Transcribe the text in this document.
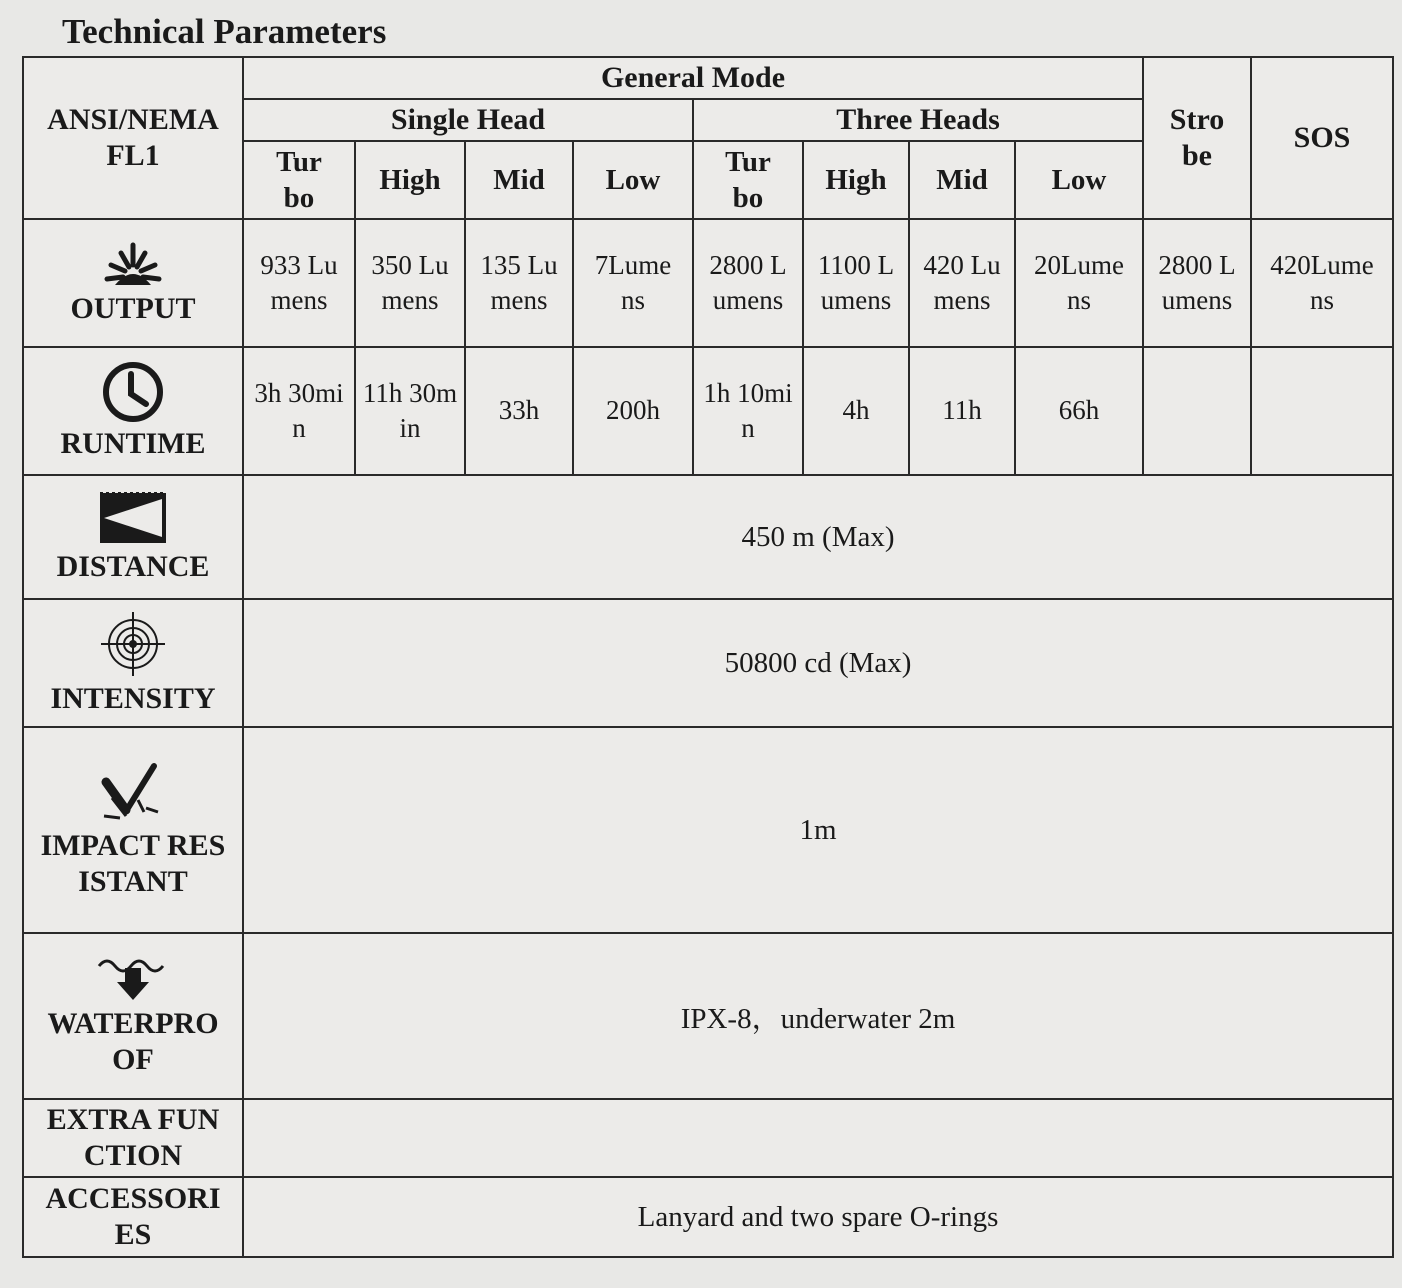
Technical Parameters
ANSI/NEMA FL1	General Mode								Strobe	SOS
	Single Head				Three Heads					
	Turbo	High	Mid	Low	Turbo	High	Mid	Low		

OUTPUT	933 Lumens	350 Lumens	135 Lumens	7Lumens	2800 Lumens	1100 Lumens	420 Lumens	20Lumens	2800 Lumens	420Lumens

RUNTIME	3h 30min	11h 30min	33h	200h	1h 10min	4h	11h	66h		

DISTANCE	450 m (Max)									

INTENSITY	50800 cd (Max)									

IMPACT RESISTANT	1m									

WATERPROOF	IPX-8，underwater 2m									
EXTRA FUNCTION										
ACCESSORIES	Lanyard and two spare O-rings									
